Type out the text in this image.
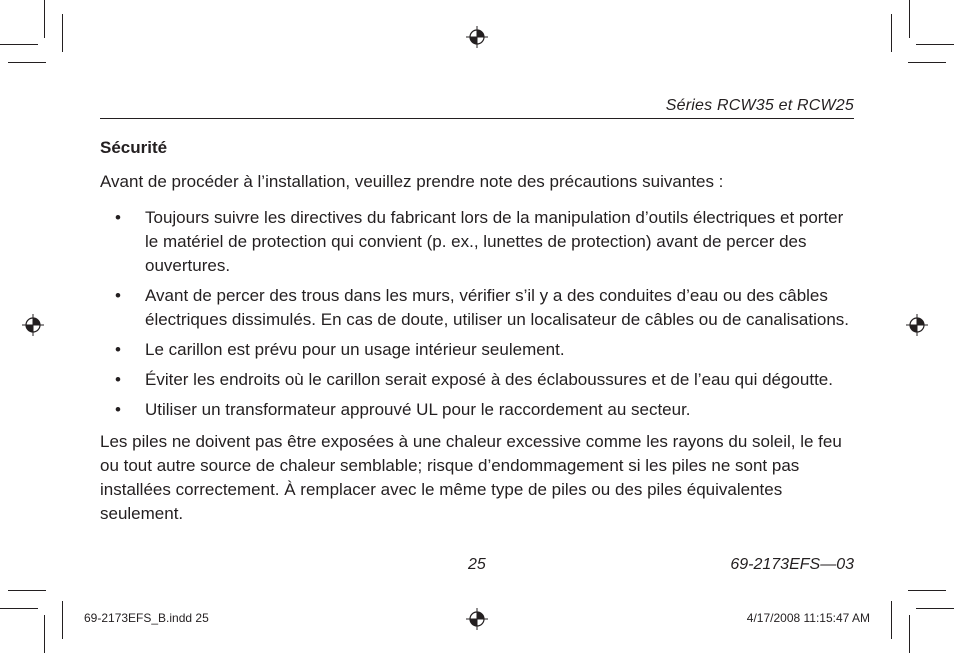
Séries RCW35 et RCW25
Sécurité
Avant de procéder à l’installation, veuillez prendre note des précautions suivantes :
• Toujours suivre les directives du fabricant lors de la manipulation d’outils électriques et porter le matériel de protection qui convient (p. ex., lunettes de protection) avant de percer des ouvertures.
• Avant de percer des trous dans les murs, vérifier s’il y a des conduites d’eau ou des câbles électriques dissimulés. En cas de doute, utiliser un localisateur de câbles ou de canalisations.
• Le carillon est prévu pour un usage intérieur seulement.
• Éviter les endroits où le carillon serait exposé à des éclaboussures et de l’eau qui dégoutte.
• Utiliser un transformateur approuvé UL pour le raccordement au secteur.
Les piles ne doivent pas être exposées à une chaleur excessive comme les rayons du soleil, le feu ou tout autre source de chaleur semblable; risque d’endommagement si les piles ne sont pas installées correctement. À remplacer avec le même type de piles ou des piles équivalentes seulement.
25	69-2173EFS—03
69-2173EFS_B.indd 25	4/17/2008 11:15:47 AM
